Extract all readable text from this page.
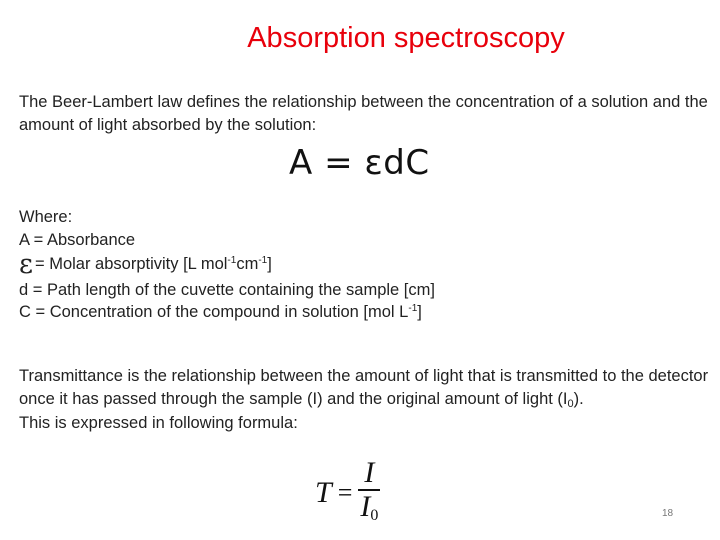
Absorption spectroscopy
The Beer-Lambert law defines the relationship between the concentration of a solution and the amount of light absorbed by the solution:
A = εdC
Where:
A = Absorbance
ε = Molar absorptivity [L mol$^{-1}$ cm $^{-1}$ ]
d = Path length of the cuvette containing the sample [cm]
C = Concentration of the compound in solution [mol $L^{-1}$ ]
Transmittance is the relationship between the amount of light that is transmitted to the detector once it has passed through the sample (I) and the original amount of light $(I_0)$.
This is expressed in following formula:
$T = \frac{I}{I_0}$	18
